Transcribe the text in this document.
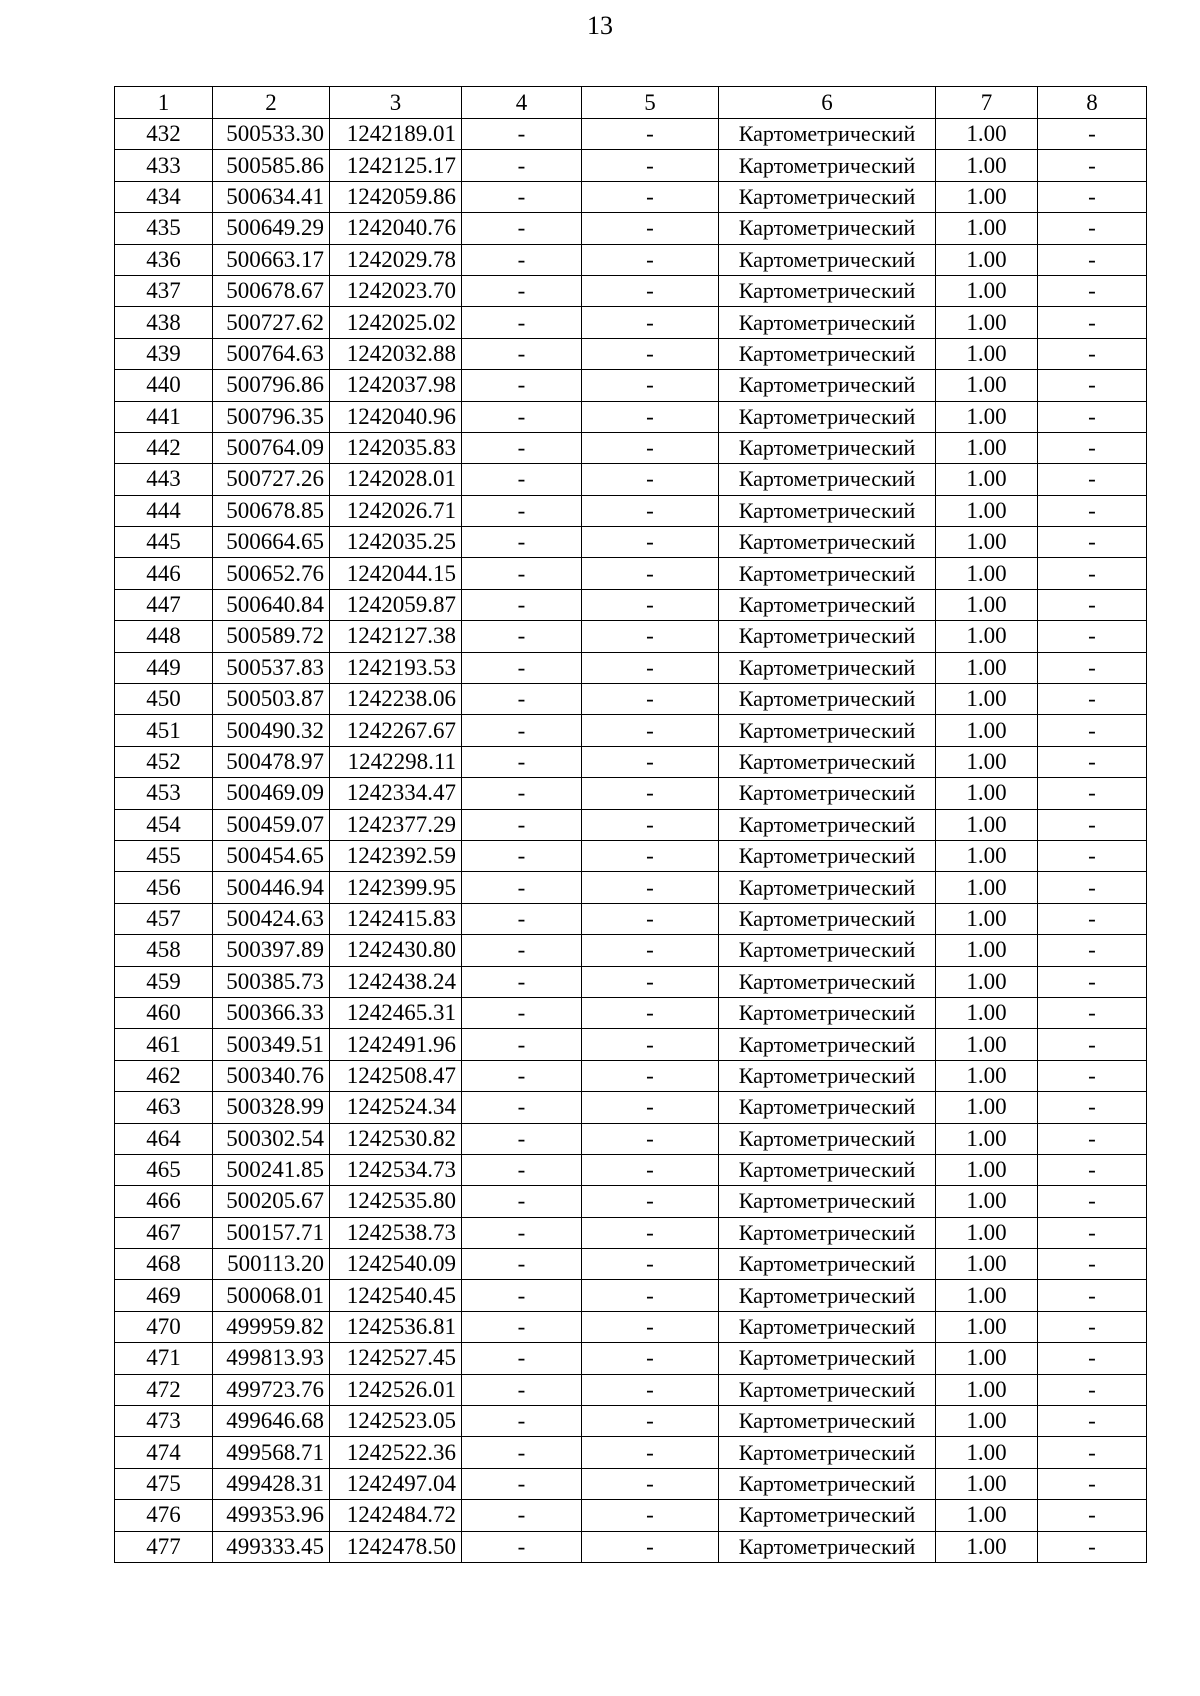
13
1	2	3	4	5	6	7	8
432	500533.30	1242189.01	-	-	Картометрический	1.00	-
433	500585.86	1242125.17	-	-	Картометрический	1.00	-
434	500634.41	1242059.86	-	-	Картометрический	1.00	-
435	500649.29	1242040.76	-	-	Картометрический	1.00	-
436	500663.17	1242029.78	-	-	Картометрический	1.00	-
437	500678.67	1242023.70	-	-	Картометрический	1.00	-
438	500727.62	1242025.02	-	-	Картометрический	1.00	-
439	500764.63	1242032.88	-	-	Картометрический	1.00	-
440	500796.86	1242037.98	-	-	Картометрический	1.00	-
441	500796.35	1242040.96	-	-	Картометрический	1.00	-
442	500764.09	1242035.83	-	-	Картометрический	1.00	-
443	500727.26	1242028.01	-	-	Картометрический	1.00	-
444	500678.85	1242026.71	-	-	Картометрический	1.00	-
445	500664.65	1242035.25	-	-	Картометрический	1.00	-
446	500652.76	1242044.15	-	-	Картометрический	1.00	-
447	500640.84	1242059.87	-	-	Картометрический	1.00	-
448	500589.72	1242127.38	-	-	Картометрический	1.00	-
449	500537.83	1242193.53	-	-	Картометрический	1.00	-
450	500503.87	1242238.06	-	-	Картометрический	1.00	-
451	500490.32	1242267.67	-	-	Картометрический	1.00	-
452	500478.97	1242298.11	-	-	Картометрический	1.00	-
453	500469.09	1242334.47	-	-	Картометрический	1.00	-
454	500459.07	1242377.29	-	-	Картометрический	1.00	-
455	500454.65	1242392.59	-	-	Картометрический	1.00	-
456	500446.94	1242399.95	-	-	Картометрический	1.00	-
457	500424.63	1242415.83	-	-	Картометрический	1.00	-
458	500397.89	1242430.80	-	-	Картометрический	1.00	-
459	500385.73	1242438.24	-	-	Картометрический	1.00	-
460	500366.33	1242465.31	-	-	Картометрический	1.00	-
461	500349.51	1242491.96	-	-	Картометрический	1.00	-
462	500340.76	1242508.47	-	-	Картометрический	1.00	-
463	500328.99	1242524.34	-	-	Картометрический	1.00	-
464	500302.54	1242530.82	-	-	Картометрический	1.00	-
465	500241.85	1242534.73	-	-	Картометрический	1.00	-
466	500205.67	1242535.80	-	-	Картометрический	1.00	-
467	500157.71	1242538.73	-	-	Картометрический	1.00	-
468	500113.20	1242540.09	-	-	Картометрический	1.00	-
469	500068.01	1242540.45	-	-	Картометрический	1.00	-
470	499959.82	1242536.81	-	-	Картометрический	1.00	-
471	499813.93	1242527.45	-	-	Картометрический	1.00	-
472	499723.76	1242526.01	-	-	Картометрический	1.00	-
473	499646.68	1242523.05	-	-	Картометрический	1.00	-
474	499568.71	1242522.36	-	-	Картометрический	1.00	-
475	499428.31	1242497.04	-	-	Картометрический	1.00	-
476	499353.96	1242484.72	-	-	Картометрический	1.00	-
477	499333.45	1242478.50	-	-	Картометрический	1.00	-
